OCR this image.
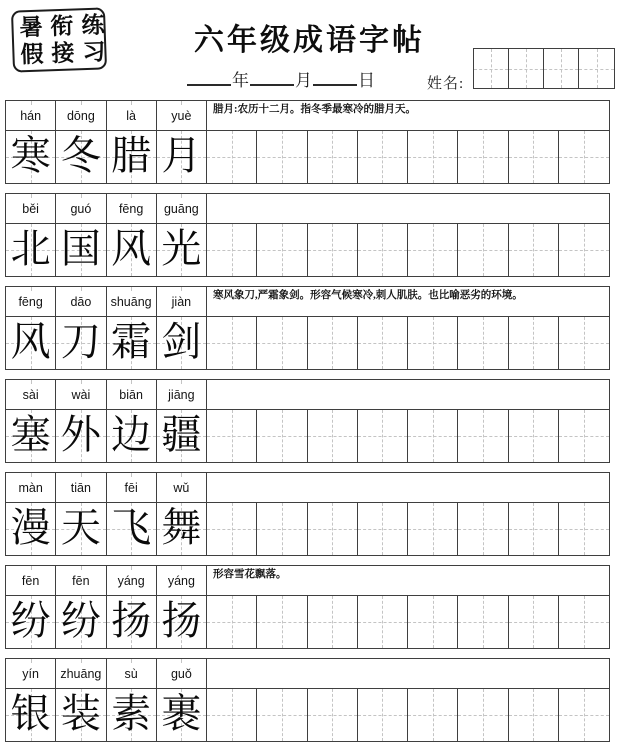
暑衔练
假接习	六年级成语字帖
年	月	日	姓名:
hán dōng	là	yuè	腊月:农历十二月。指冬季最寒冷的腊月天。
寒 冬 腊 月
běi	guó fēng guāng
北 国 风 光
fēng dāo shuāng jiàn	寒风象刀,严霜象剑。形容气候寒冷,刺人肌肤。也比喻恶劣的环境。
风 刀 霜 剑
sài	wài biān jiāng
塞 外 边 疆
màn tiān	fēi	wǔ
漫 天 飞 舞
fēn	fēn yáng yáng	形容雪花飘落。
纷 纷 扬 扬
yín zhuāng sù	guǒ
银 装 素 裹
